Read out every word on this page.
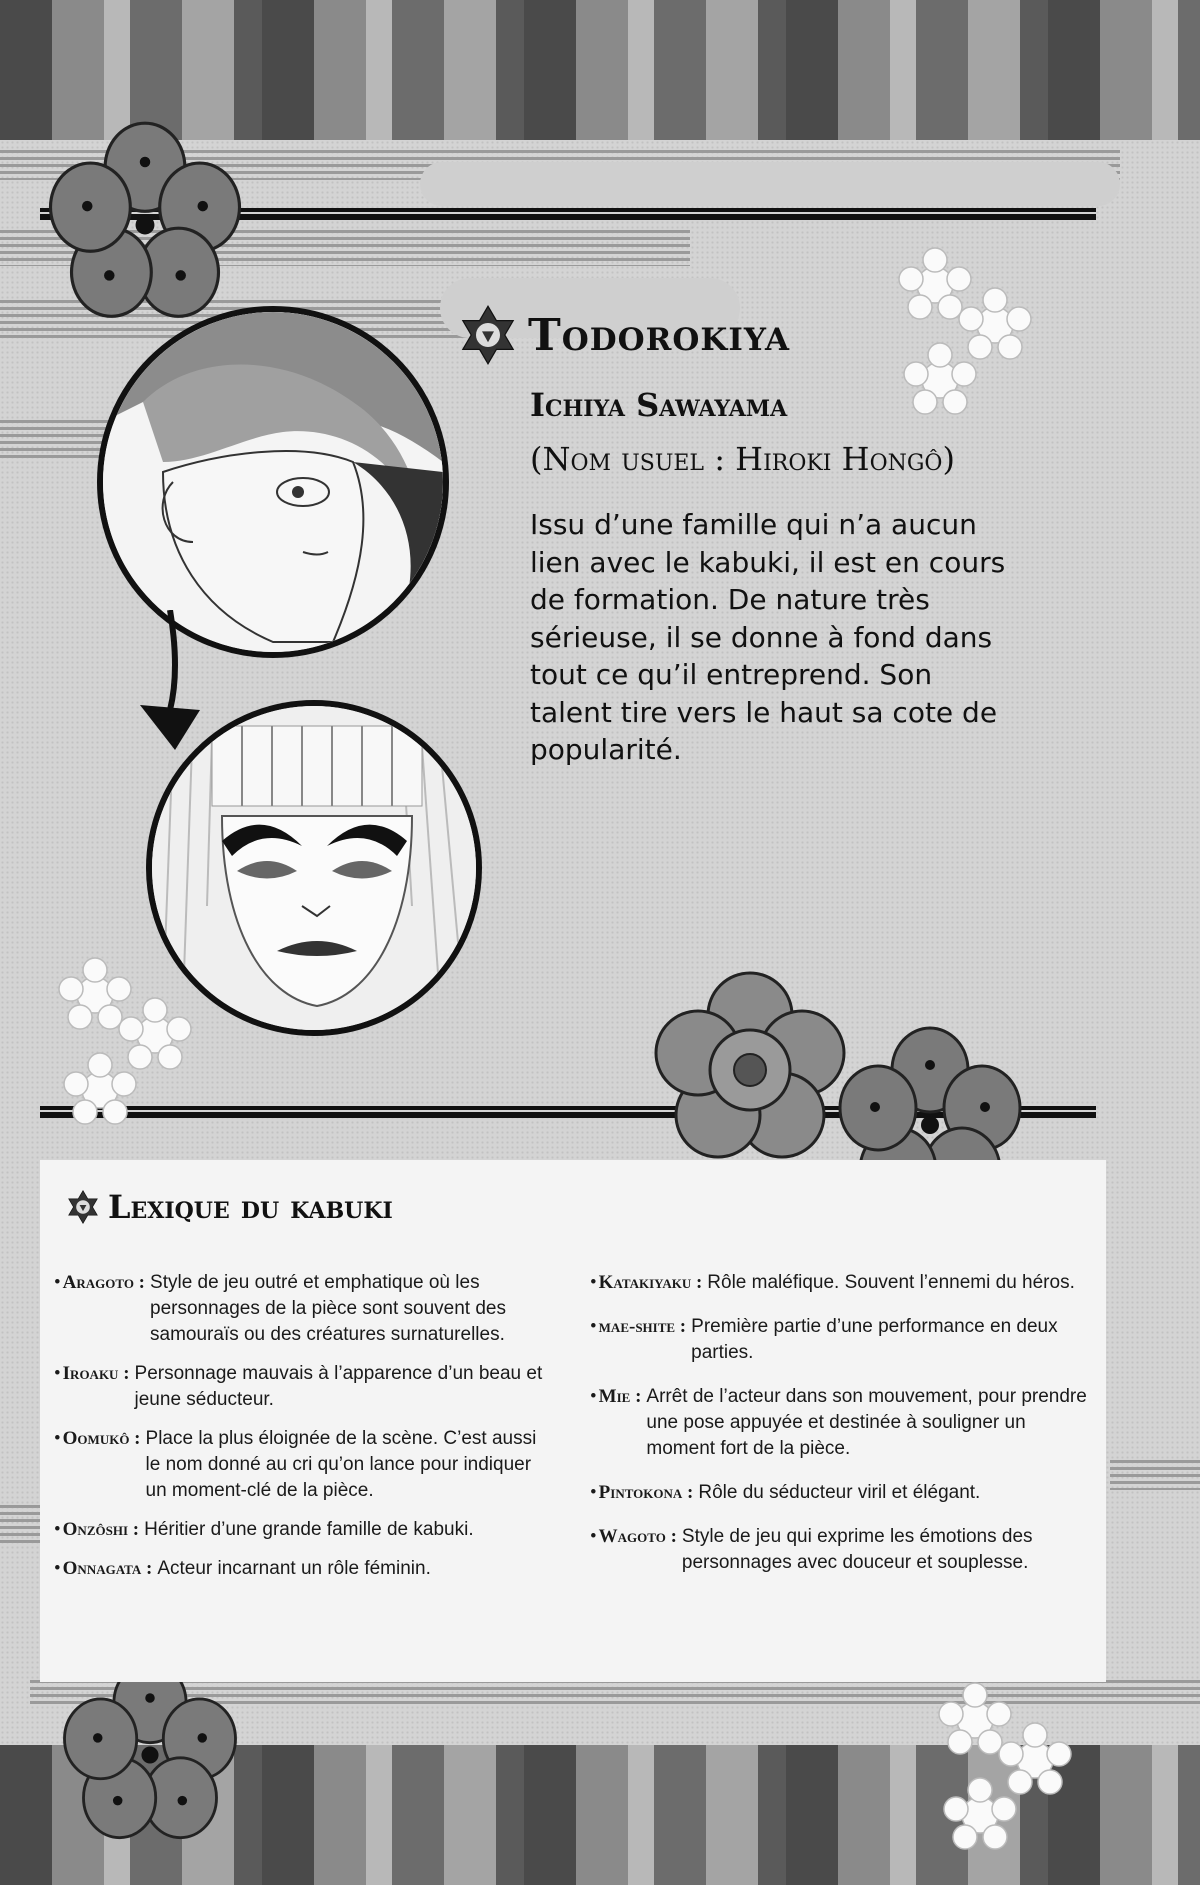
Todorokiya
Ichiya Sawayama
(Nom usuel : Hiroki Hongô)
Issu d’une famille qui n’a aucun lien avec le kabuki, il est en cours de formation. De nature très sérieuse, il se donne à fond dans tout ce qu’il entreprend. Son talent tire vers le haut sa cote de popularité.
Lexique du kabuki
• Aragoto : Style de jeu outré et emphatique où les personnages de la pièce sont souvent des samouraïs ou des créatures surnaturelles.
• Iroaku : Personnage mauvais à l’apparence d’un beau et jeune séducteur.
• Oomukô : Place la plus éloignée de la scène. C’est aussi le nom donné au cri qu’on lance pour indiquer un moment-clé de la pièce.
• Onzôshi : Héritier d’une grande famille de kabuki.
• Onnagata : Acteur incarnant un rôle féminin.
• Katakiyaku : Rôle maléfique. Souvent l’ennemi du héros.
• mae-shite : Première partie d’une performance en deux parties.
• Mie : Arrêt de l’acteur dans son mouvement, pour prendre une pose appuyée et destinée à souligner un moment fort de la pièce.
• Pintokona : Rôle du séducteur viril et élégant.
• Wagoto : Style de jeu qui exprime les émotions des personnages avec douceur et souplesse.
